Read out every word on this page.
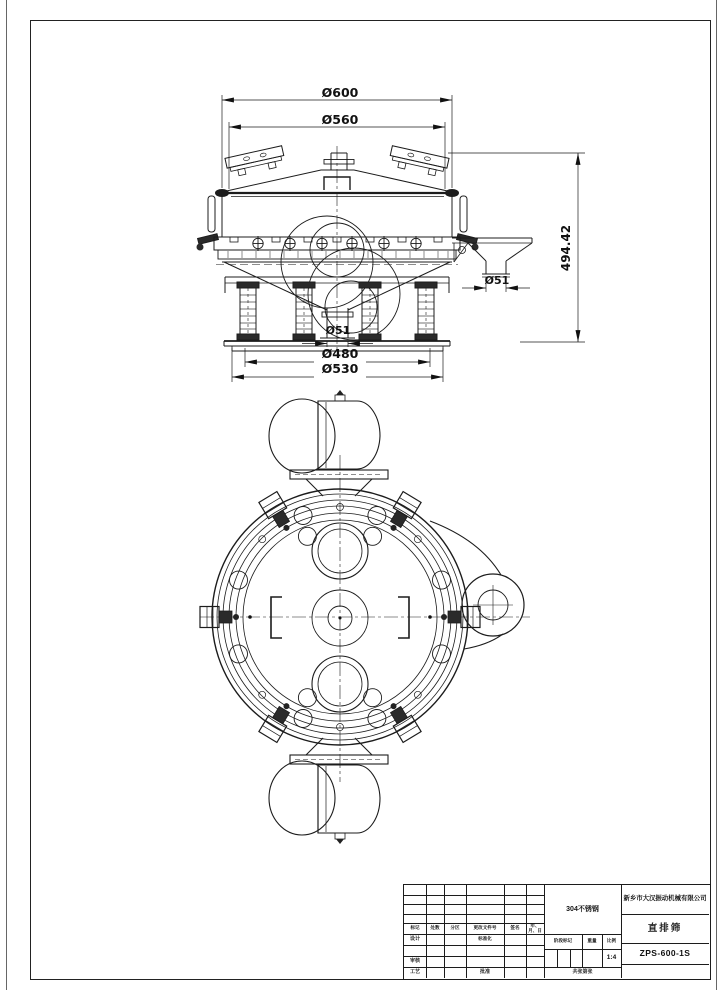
Ø600
Ø560
494.42
Ø51
Ø51
Ø480
Ø530
标记	处数	分区	更改文件号	签名	年、月、日
设计	标准化
审核
工艺	批准
304不锈钢
阶段标记	重量	比例
1:4
共 张 第 张
新乡市大汉振动机械有限公司
直排筛
ZPS-600-1S
